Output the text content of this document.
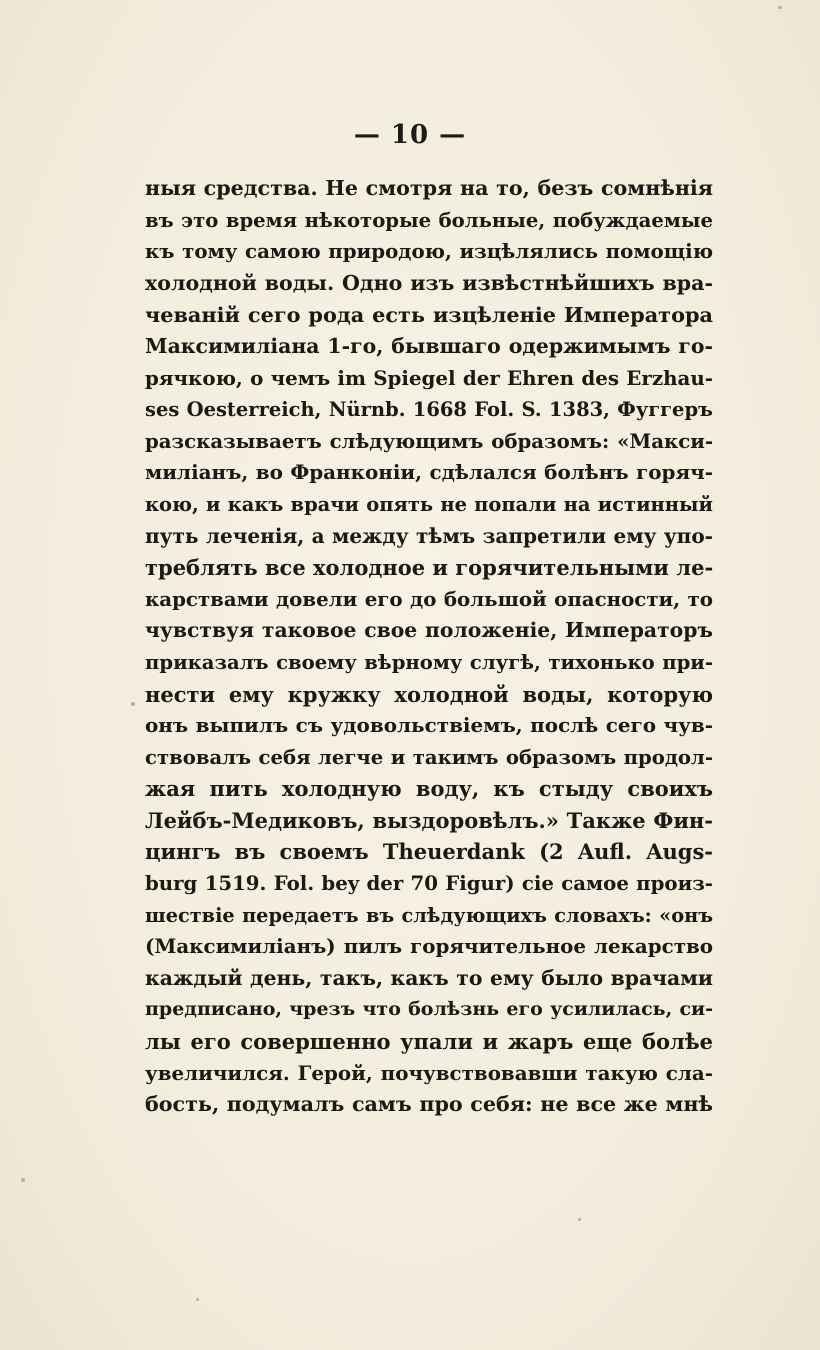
— 10 —
ныя средства. Не смотря на то, безъ сомнѣнія
въ это время нѣкоторые больные, побуждаемые
къ тому самою природою, изцѣлялись помощію
холодной воды. Одно изъ извѣстнѣйшихъ вра-
чеванiй сего рода есть изцѣленiе Императора
Максимилiана 1-го, бывшаго одержимымъ го-
рячкою, о чемъ im Spiegel der Ehren des Erzhau-
ses Oesterreich, Nürnb. 1668 Fol. S. 1383, Фуггеръ
разсказываетъ слѣдующимъ образомъ: «Макси-
милiанъ, во Франконiи, сдѣлался болѣнъ горяч-
кою, и какъ врачи опять не попали на истинный
путь леченiя, а между тѣмъ запретили ему упо-
треблять все холодное и горячительными ле-
карствами довели его до большой опасности, то
чувствуя таковое свое положенiе, Императоръ
приказалъ своему вѣрному слугѣ, тихонько при-
нести ему кружку холодной воды, которую
онъ выпилъ съ удовольствiемъ, послѣ сего чув-
ствовалъ себя легче и такимъ образомъ продол-
жая пить холодную воду, къ стыду своихъ
Лейбъ-Медиковъ, выздоровѣлъ.» Также Фин-
цингъ въ своемъ Theuerdank (2 Aufl. Augs-
burg 1519. Fol. bey der 70 Figur) сiе самое произ-
шествiе передаетъ въ слѣдующихъ словахъ: «онъ
(Максимилiанъ) пилъ горячительное лекарство
каждый день, такъ, какъ то ему было врачами
предписано, чрезъ что болѣзнь его усилилась, си-
лы его совершенно упали и жаръ еще болѣе
увеличился. Герой, почувствовавши такую сла-
бость, подумалъ самъ про себя: не все же мнѣ
